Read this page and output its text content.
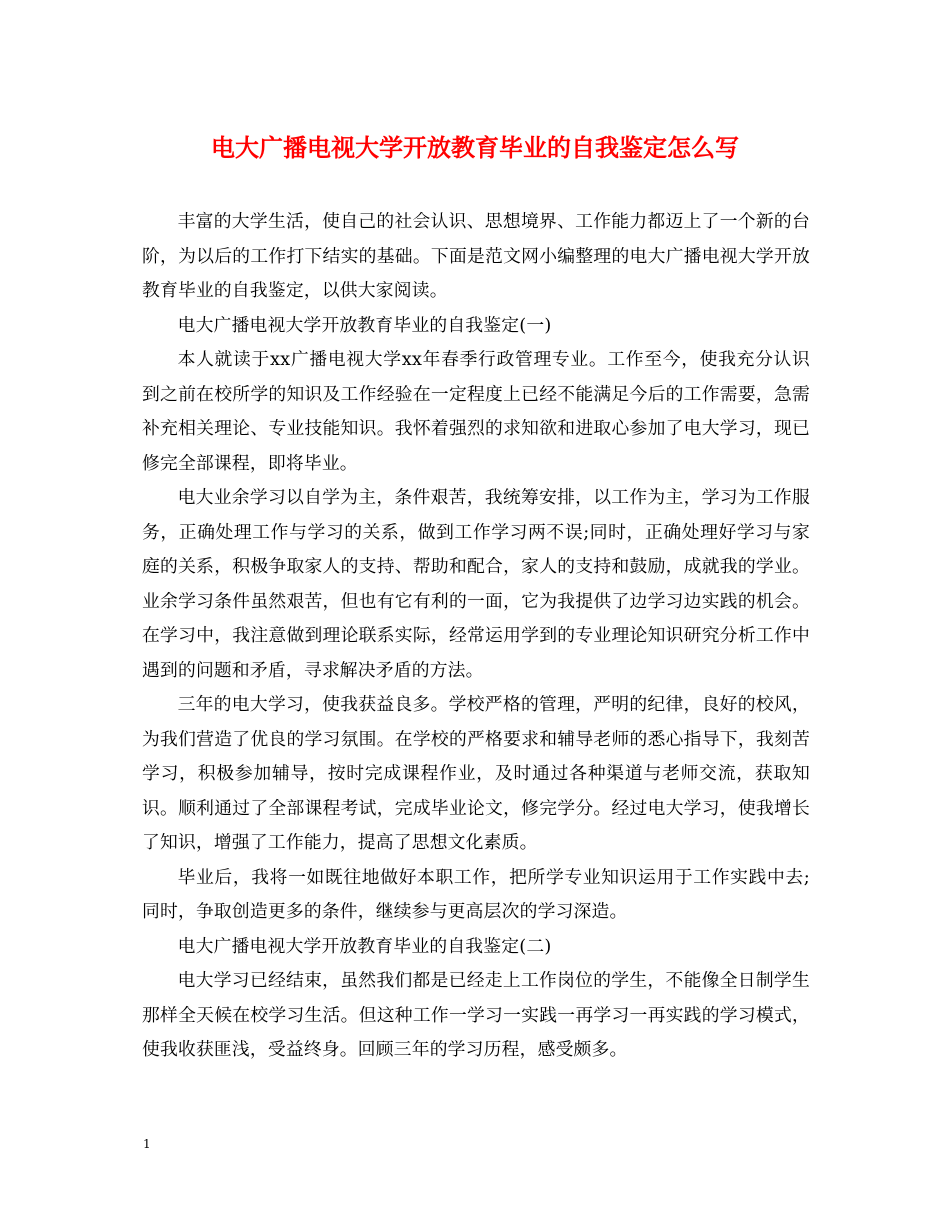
电大广播电视大学开放教育毕业的自我鉴定怎么写

丰富的大学生活，使自己的社会认识、思想境界、工作能力都迈上了一个新的台阶，为以后的工作打下结实的基础。下面是范文网小编整理的电大广播电视大学开放教育毕业的自我鉴定，以供大家阅读。

电大广播电视大学开放教育毕业的自我鉴定(一)

本人就读于xx广播电视大学xx年春季行政管理专业。工作至今，使我充分认识到之前在校所学的知识及工作经验在一定程度上已经不能满足今后的工作需要，急需补充相关理论、专业技能知识。我怀着强烈的求知欲和进取心参加了电大学习，现已修完全部课程，即将毕业。

电大业余学习以自学为主，条件艰苦，我统筹安排，以工作为主，学习为工作服务，正确处理工作与学习的关系，做到工作学习两不误;同时，正确处理好学习与家庭的关系，积极争取家人的支持、帮助和配合，家人的支持和鼓励，成就我的学业。业余学习条件虽然艰苦，但也有它有利的一面，它为我提供了边学习边实践的机会。在学习中，我注意做到理论联系实际，经常运用学到的专业理论知识研究分析工作中遇到的问题和矛盾，寻求解决矛盾的方法。

三年的电大学习，使我获益良多。学校严格的管理，严明的纪律，良好的校风，为我们营造了优良的学习氛围。在学校的严格要求和辅导老师的悉心指导下，我刻苦学习，积极参加辅导，按时完成课程作业，及时通过各种渠道与老师交流，获取知识。顺利通过了全部课程考试，完成毕业论文，修完学分。经过电大学习，使我增长了知识，增强了工作能力，提高了思想文化素质。

毕业后，我将一如既往地做好本职工作，把所学专业知识运用于工作实践中去;同时，争取创造更多的条件，继续参与更高层次的学习深造。

电大广播电视大学开放教育毕业的自我鉴定(二)

电大学习已经结束，虽然我们都是已经走上工作岗位的学生，不能像全日制学生那样全天候在校学习生活。但这种工作一学习一实践一再学习一再实践的学习模式，使我收获匪浅，受益终身。回顾三年的学习历程，感受颇多。

1
